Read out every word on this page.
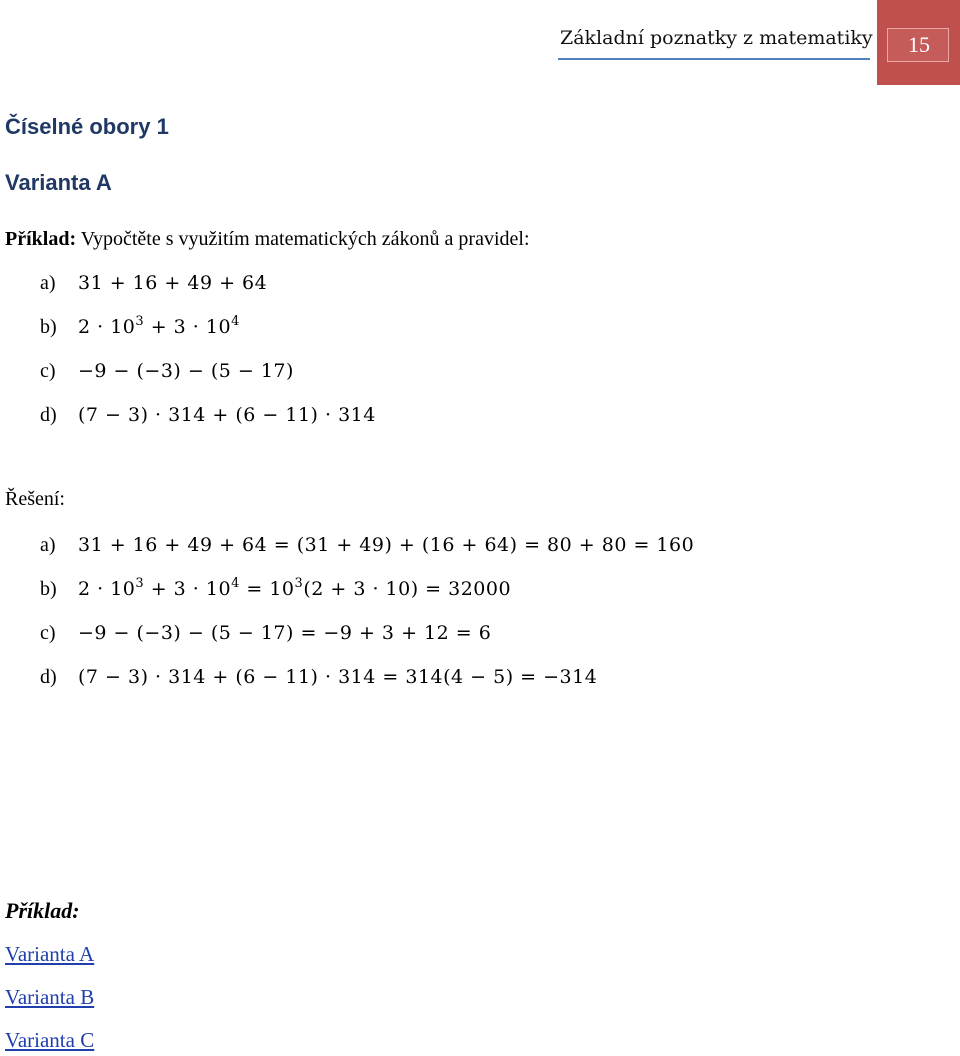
Základní poznatky z matematiky	15
Číselné obory 1
Varianta A
Příklad: Vypočtěte s využitím matematických zákonů a pravidel:
a) 31 + 16 + 49 + 64
b) $2 \cdot 10^3 + 3 \cdot 10^4$
c) −9 − (−3) − (5 − 17)
d) (7 − 3) · 314 + (6 − 11) · 314
Řešení:
a) 31 + 16 + 49 + 64 = (31 + 49) + (16 + 64) = 80 + 80 = 160
b) $2 \cdot 10^3 + 3 \cdot 10^4 = 10^3(2 + 3 \cdot 10) = 32000$
c) −9 − (−3) − (5 − 17) = −9 + 3 + 12 = 6
d) (7 − 3) · 314 + (6 − 11) · 314 = 314(4 − 5) = −314
Příklad:
Varianta A
Varianta B
Varianta C
